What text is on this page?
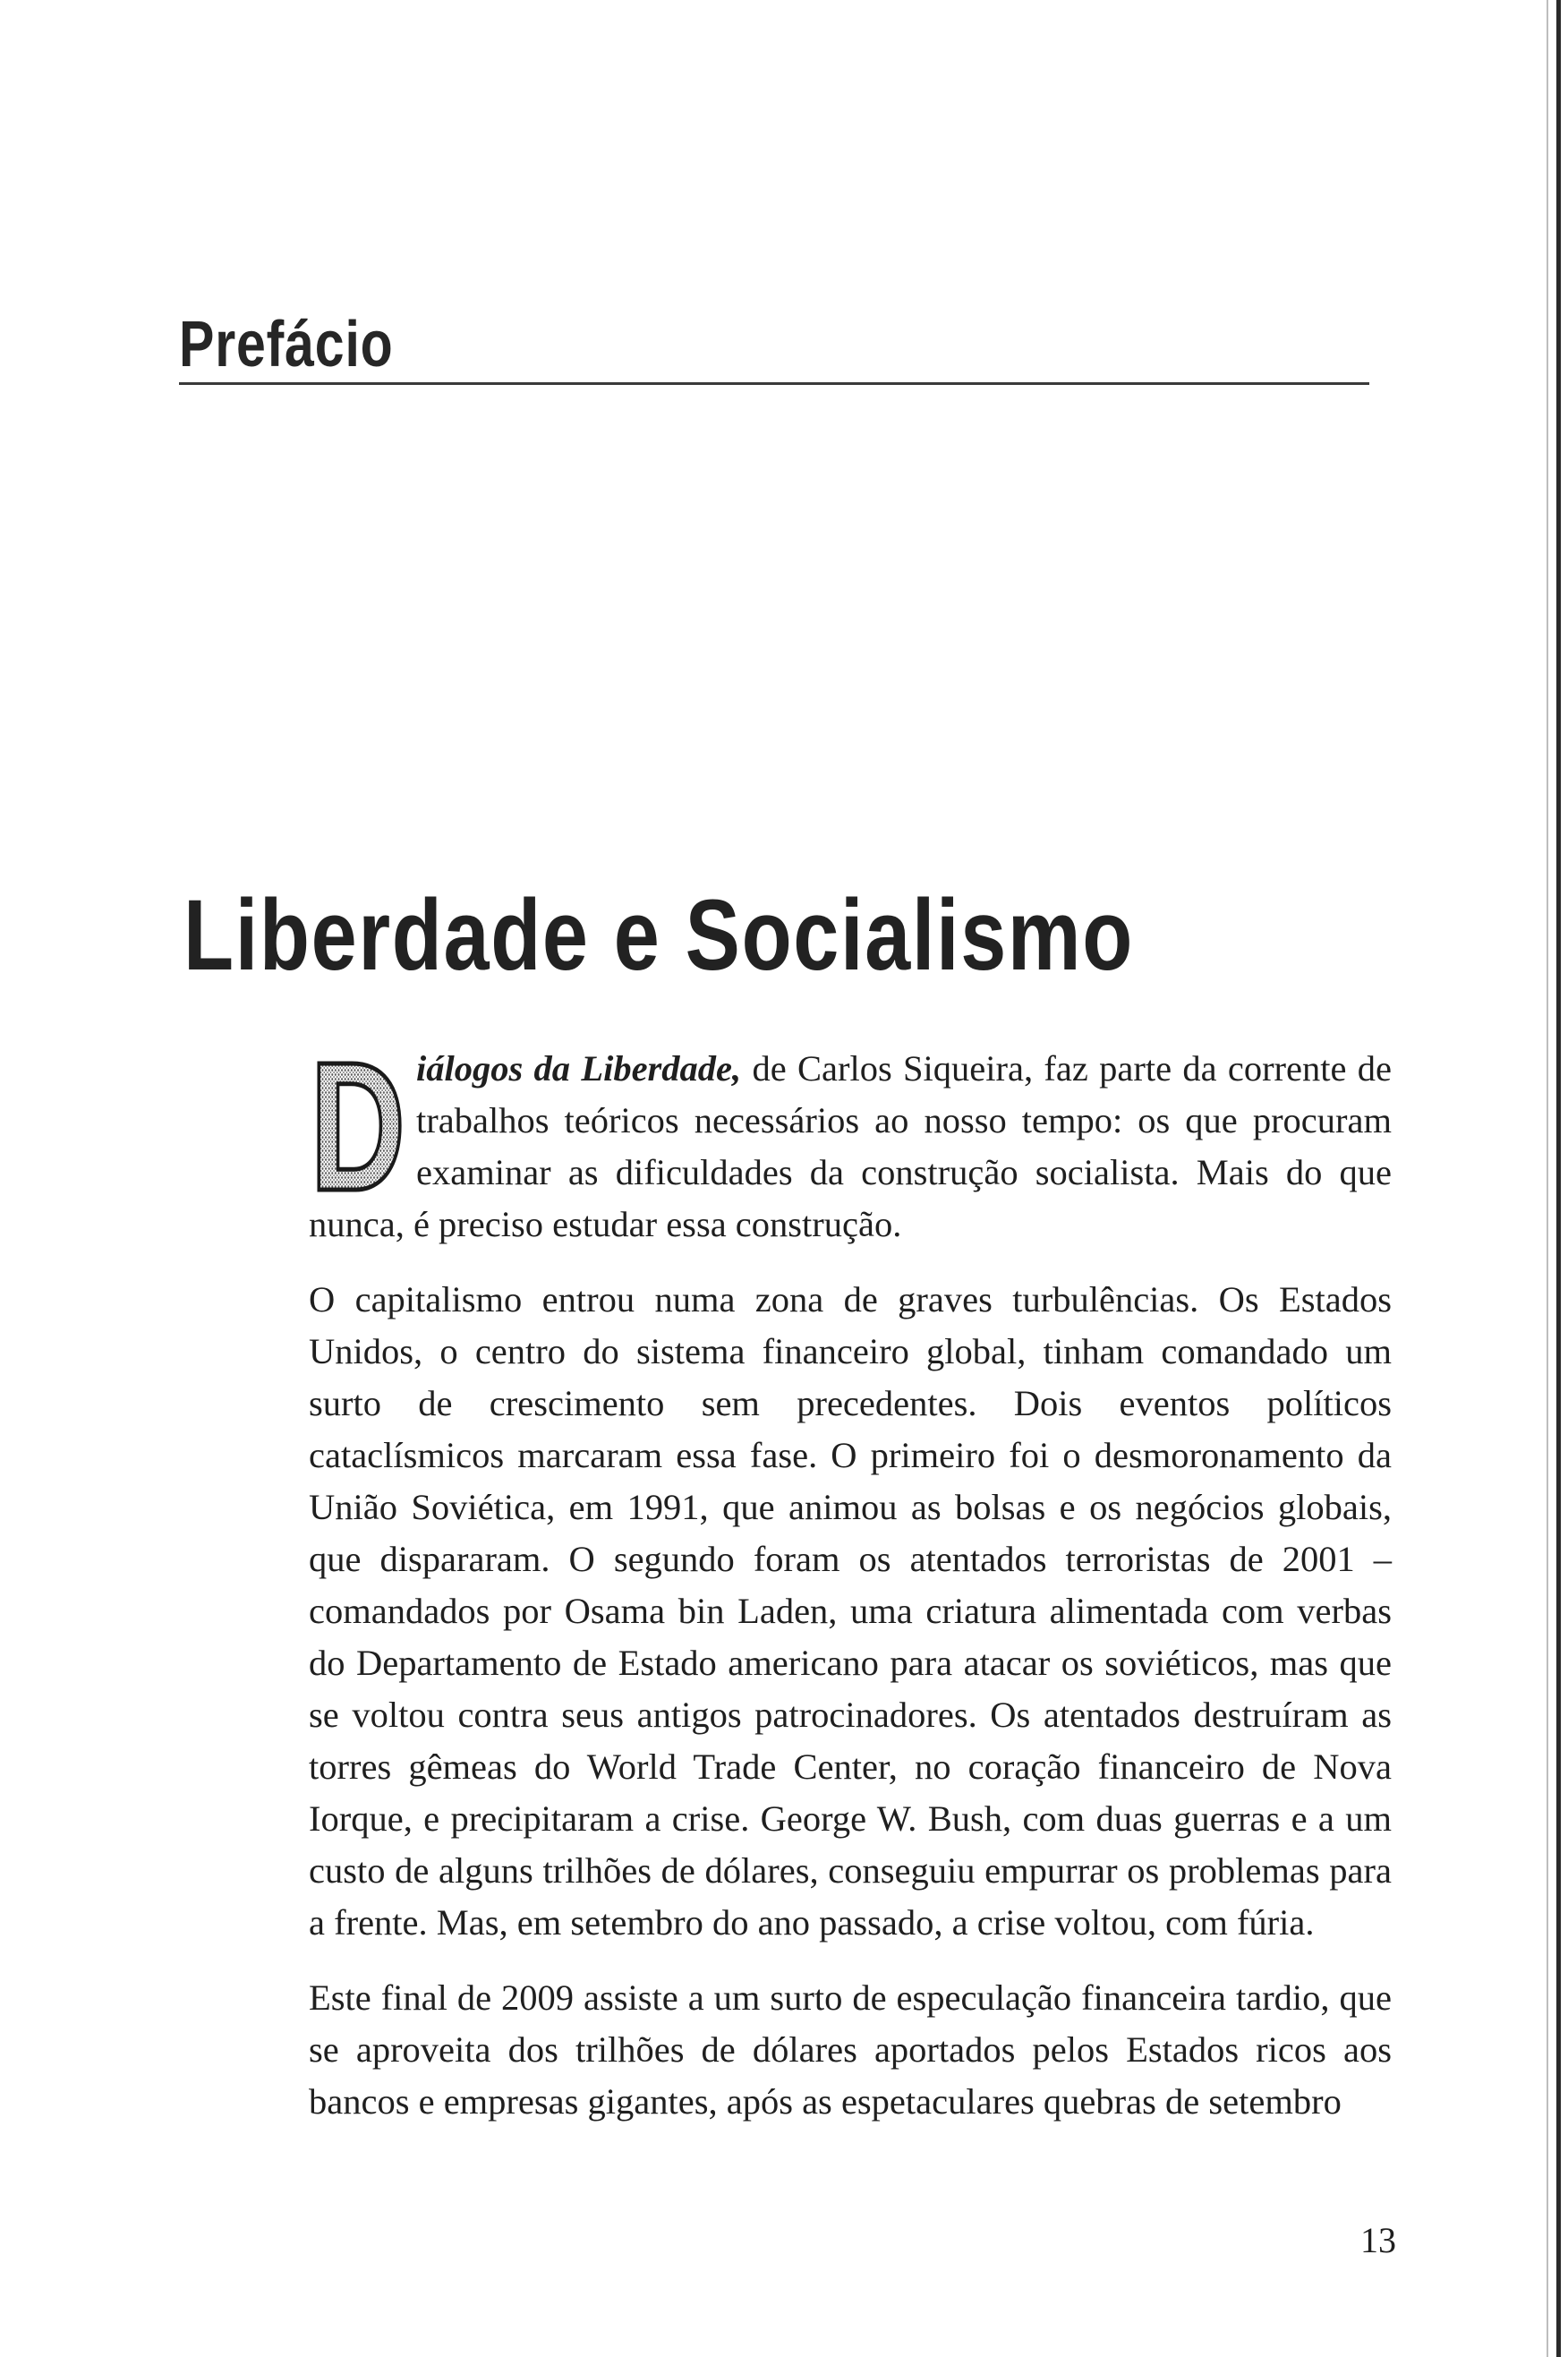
Prefácio
Liberdade e Socialismo

D iálogos da Liberdade, de Carlos Siqueira, faz parte da corrente de trabalhos teóricos necessários ao nosso tempo: os que procuram examinar as dificuldades da construção socialista. Mais do que nunca, é preciso estudar essa construção.

O capitalismo entrou numa zona de graves turbulências. Os Estados Unidos, o centro do sistema financeiro global, tinham comandado um surto de crescimento sem precedentes. Dois eventos políticos cataclísmicos marcaram essa fase. O primeiro foi o desmoronamento da União Soviética, em 1991, que animou as bolsas e os negócios globais, que dispararam. O segundo foram os atentados terroristas de 2001 – comandados por Osama bin Laden, uma criatura alimentada com verbas do Departamento de Estado americano para atacar os soviéticos, mas que se voltou contra seus antigos patrocinadores. Os atentados destruíram as torres gêmeas do World Trade Center, no coração financeiro de Nova Iorque, e precipitaram a crise. George W. Bush, com duas guerras e a um custo de alguns trilhões de dólares, conseguiu empurrar os problemas para a frente. Mas, em setembro do ano passado, a crise voltou, com fúria.

Este final de 2009 assiste a um surto de especulação financeira tardio, que se aproveita dos trilhões de dólares aportados pelos Estados ricos aos bancos e empresas gigantes, após as espetaculares quebras de setembro

13
